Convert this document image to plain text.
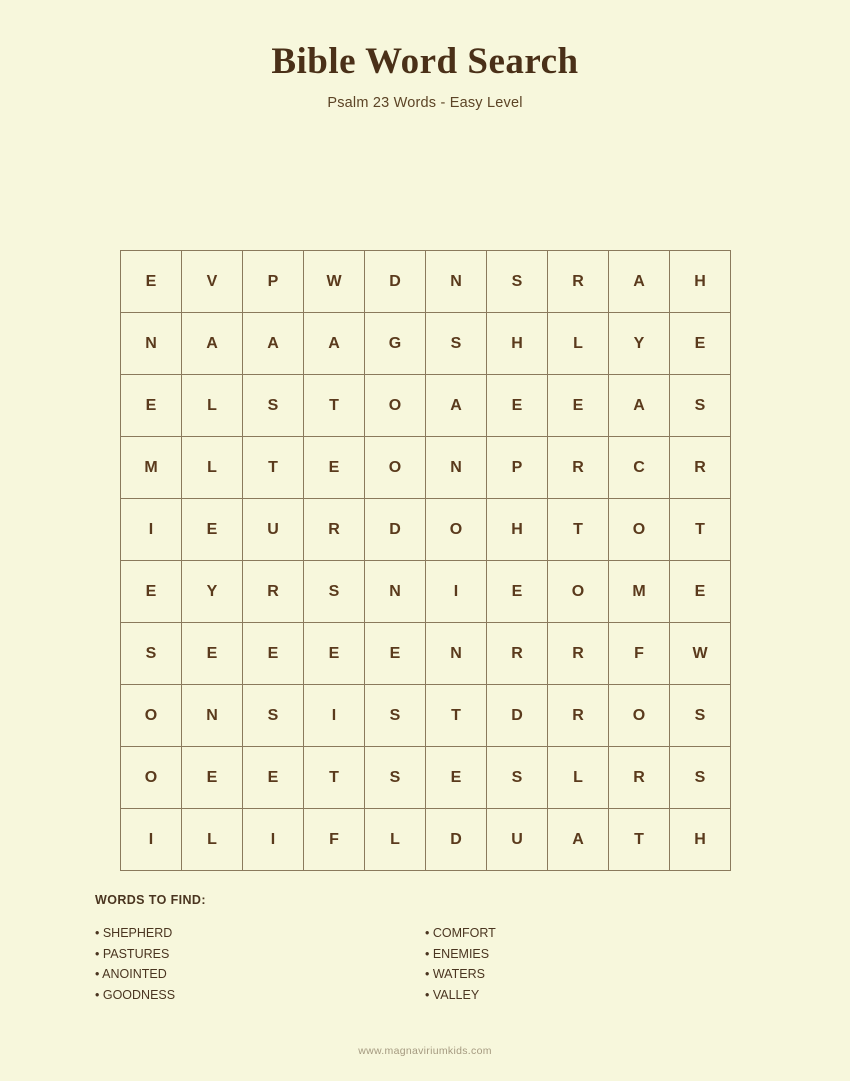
Bible Word Search

Psalm 23 Words - Easy Level

E	V	P	W	D	N	S	R	A	H
N	A	A	A	G	S	H	L	Y	E
E	L	S	T	O	A	E	E	A	S
M	L	T	E	O	N	P	R	C	R
I	E	U	R	D	O	H	T	O	T
E	Y	R	S	N	I	E	O	M	E
S	E	E	E	E	N	R	R	F	W
O	N	S	I	S	T	D	R	O	S
O	E	E	T	S	E	S	L	R	S
I	L	I	F	L	D	U	A	T	H
WORDS TO FIND:
• SHEPHERD
• PASTURES
• ANOINTED
• GOODNESS
• COMFORT
• ENEMIES
• WATERS
• VALLEY
www.magnaviriumkids.com
